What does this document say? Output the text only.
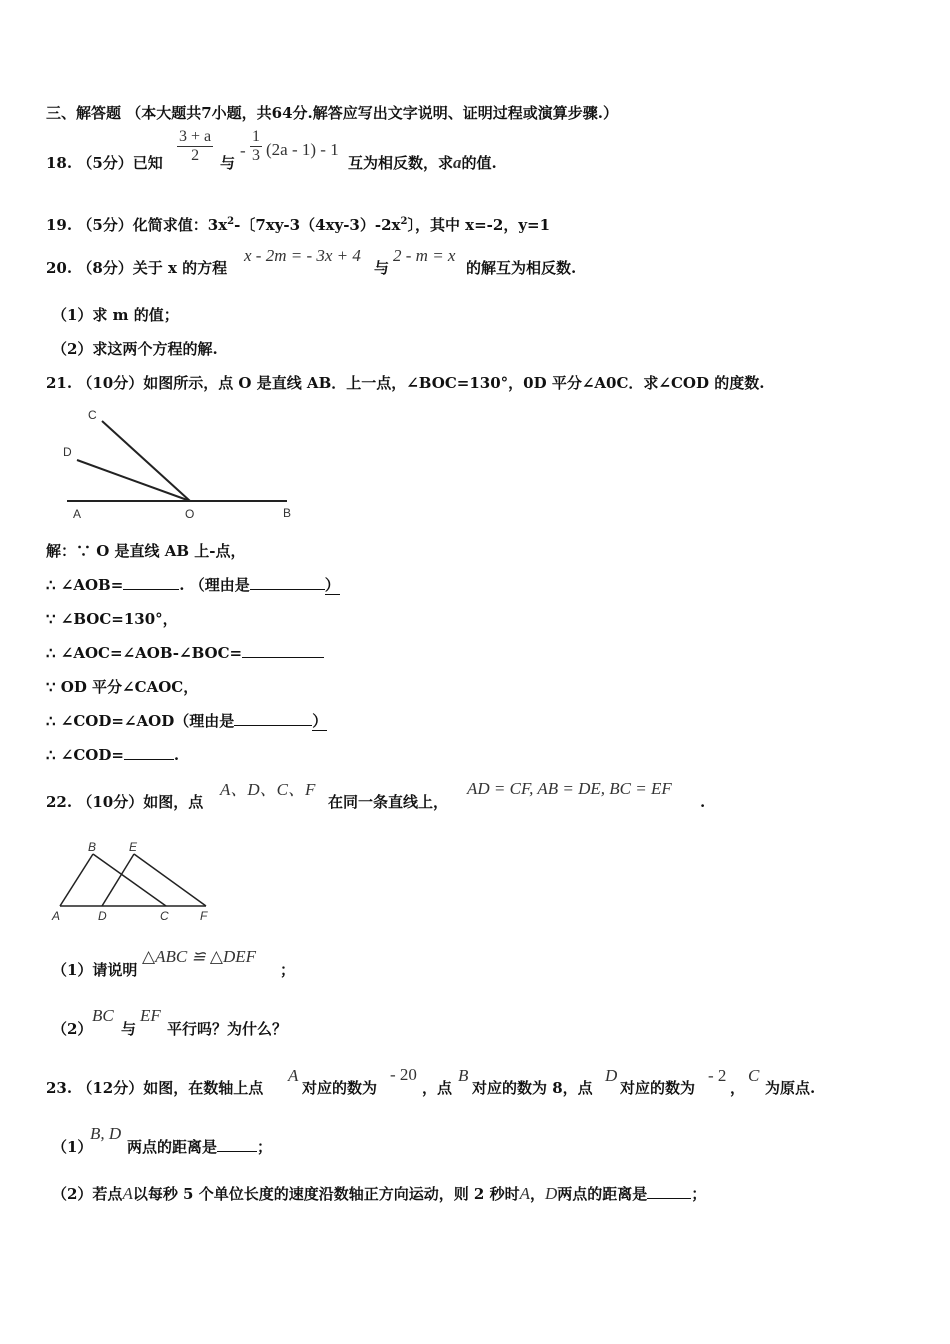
三、解答题 （本大题共7小题，共64分.解答应写出文字说明、证明过程或演算步骤.）
18. （5分）已知 $\frac{3 + a}{2}$ 与
- $\frac{1}{3} (2a - 1) - 1$
互为相反数，求a的值.
19. （5分）化简求值：$3x^2-$〔$7xy-3(4xy-3)-2x^2$〕，其中 x=-2，y=1
20. （8分）关于 x 的方程
x - 2m = - 3x + 4
与
2 - m = x
的解互为相反数.
（1）求 m 的值；
（2）求这两个方程的解.
21. （10分）如图所示，点 O 是直线 AB．上一点，∠BOC=130°，0D 平分∠A0C．求∠COD 的度数.
C
D
A	O	B
解：∵ O 是直线 AB 上-点，
∴ ∠AOB=	. （理由是	）
∵ ∠BOC=130°，
∴ ∠AOC=∠AOB-∠BOC=
∵ OD 平分∠CAOC，
∴ ∠COD=∠AOD（理由是	）
∴ ∠COD=	.
22. （10分）如图，点
A、D、C、F
在同一条直线上，
AD = CF, AB = DE, BC = EF
.
B	E
A	D	C	F
（1）请说明
△ABC ≌ △DEF
；
（2）
BC
与
EF
平行吗？为什么？
23. （12分）如图，在数轴上点
A
对应的数为
- 20
，点
B
对应的数为 8，点
D
对应的数为
- 2
，
C
为原点.
（1）
B, D
两点的距离是	；
（2）若点A以每秒 5 个单位长度的速度沿数轴正方向运动，则 2 秒时A，D两点的距离是	；
